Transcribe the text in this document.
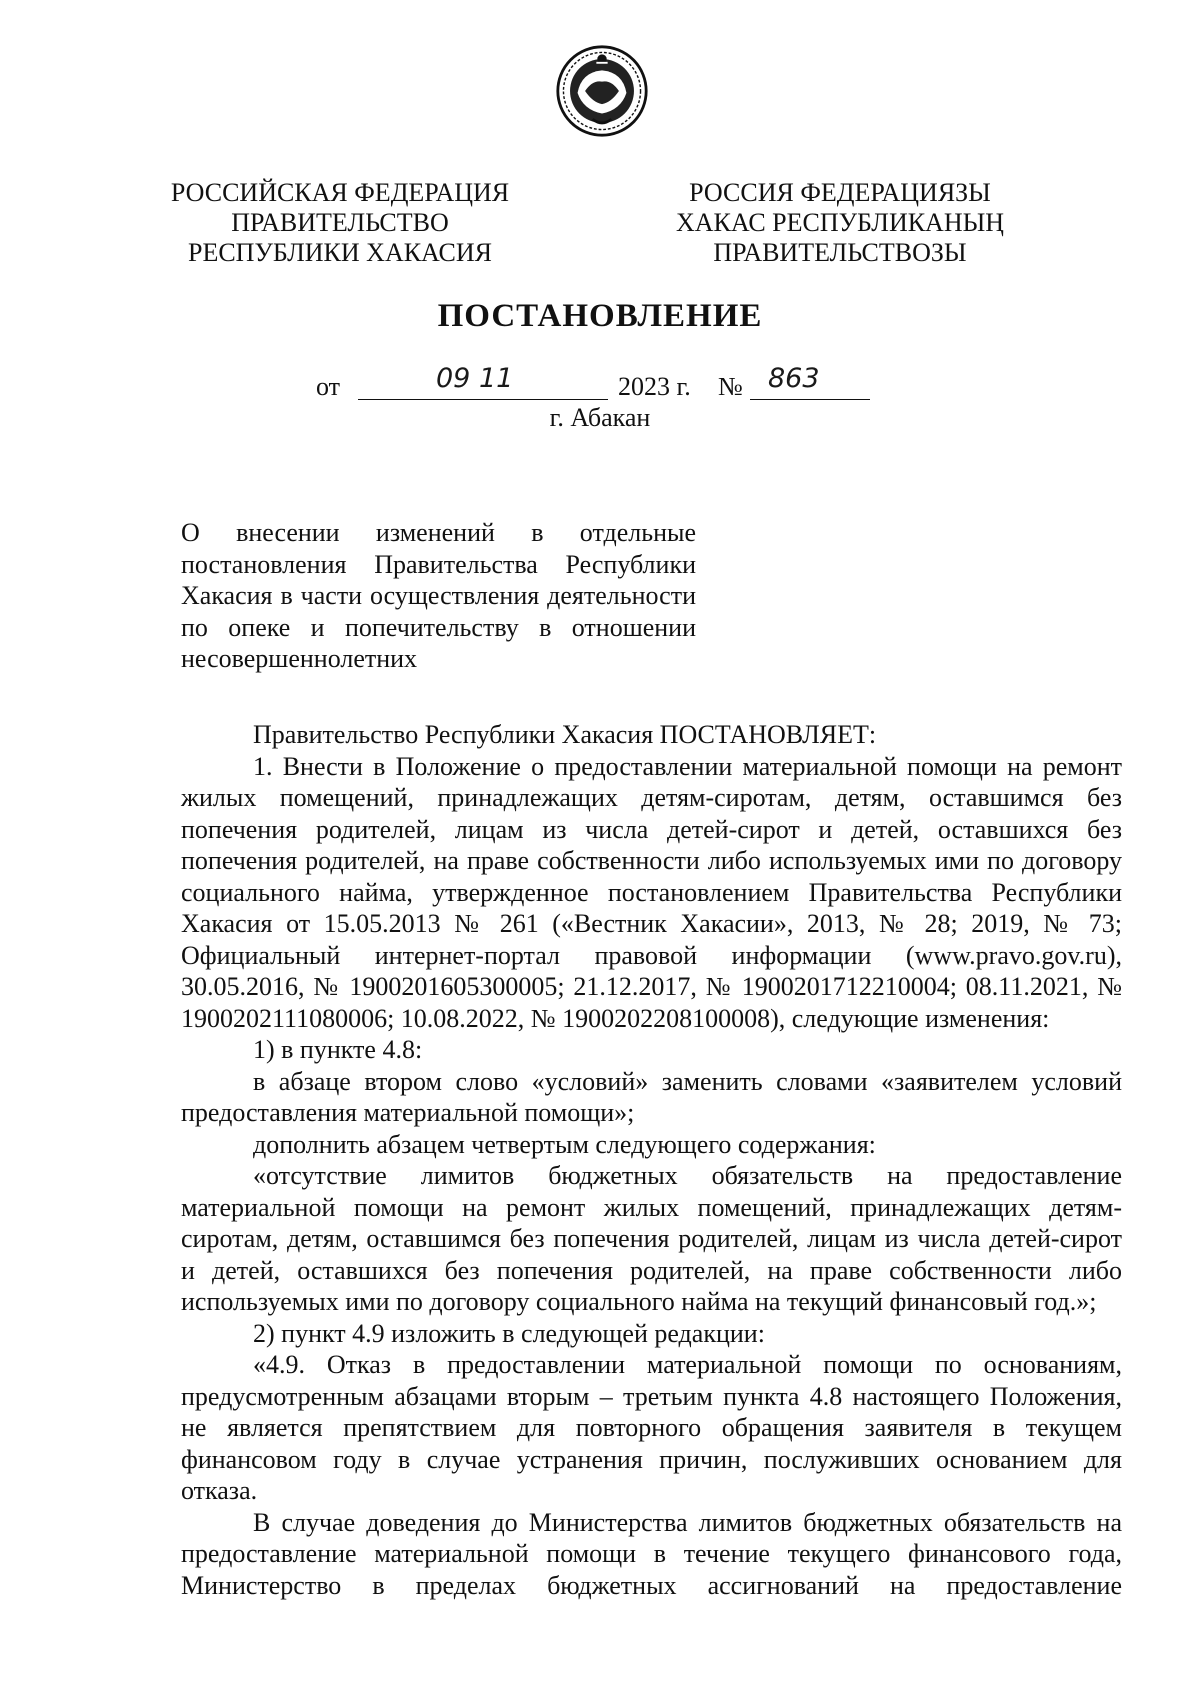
РОССИЙСКАЯ ФЕДЕРАЦИЯ
ПРАВИТЕЛЬСТВО
РЕСПУБЛИКИ ХАКАСИЯ
РОССИЯ ФЕДЕРАЦИЯЗЫ
ХАКАС РЕСПУБЛИКАНЫҢ
ПРАВИТЕЛЬСТВОЗЫ
ПОСТАНОВЛЕНИЕ
от	09 11	2023 г. № 863
г. Абакан
О внесении изменений в отдельные постановления Правительства Республики Хакасия в части осуществления деятельности по опеке и попечительству в отношении несовершеннолетних

Правительство Республики Хакасия ПОСТАНОВЛЯЕТ:

1. Внести в Положение о предоставлении материальной помощи на ремонт жилых помещений, принадлежащих детям-сиротам, детям, оставшимся без попечения родителей, лицам из числа детей-сирот и детей, оставшихся без попечения родителей, на праве собственности либо используемых ими по договору социального найма, утвержденное постановлением Правительства Республики Хакасия от 15.05.2013 № 261 («Вестник Хакасии», 2013, № 28; 2019, № 73; Официальный интернет-портал правовой информации (www.pravo.gov.ru), 30.05.2016, № 1900201605300005; 21.12.2017, № 1900201712210004; 08.11.2021, № 1900202111080006; 10.08.2022, № 1900202208100008), следующие изменения:

1) в пункте 4.8:

в абзаце втором слово «условий» заменить словами «заявителем условий предоставления материальной помощи»;

дополнить абзацем четвертым следующего содержания:

«отсутствие лимитов бюджетных обязательств на предоставление материальной помощи на ремонт жилых помещений, принадлежащих детям-сиротам, детям, оставшимся без попечения родителей, лицам из числа детей-сирот и детей, оставшихся без попечения родителей, на праве собственности либо используемых ими по договору социального найма на текущий финансовый год.»;

2) пункт 4.9 изложить в следующей редакции:

«4.9. Отказ в предоставлении материальной помощи по основаниям, предусмотренным абзацами вторым – третьим пункта 4.8 настоящего Положения, не является препятствием для повторного обращения заявителя в текущем финансовом году в случае устранения причин, послуживших основанием для отказа.

В случае доведения до Министерства лимитов бюджетных обязательств на предоставление материальной помощи в течение текущего финансового года, Министерство в пределах бюджетных ассигнований на предоставление
